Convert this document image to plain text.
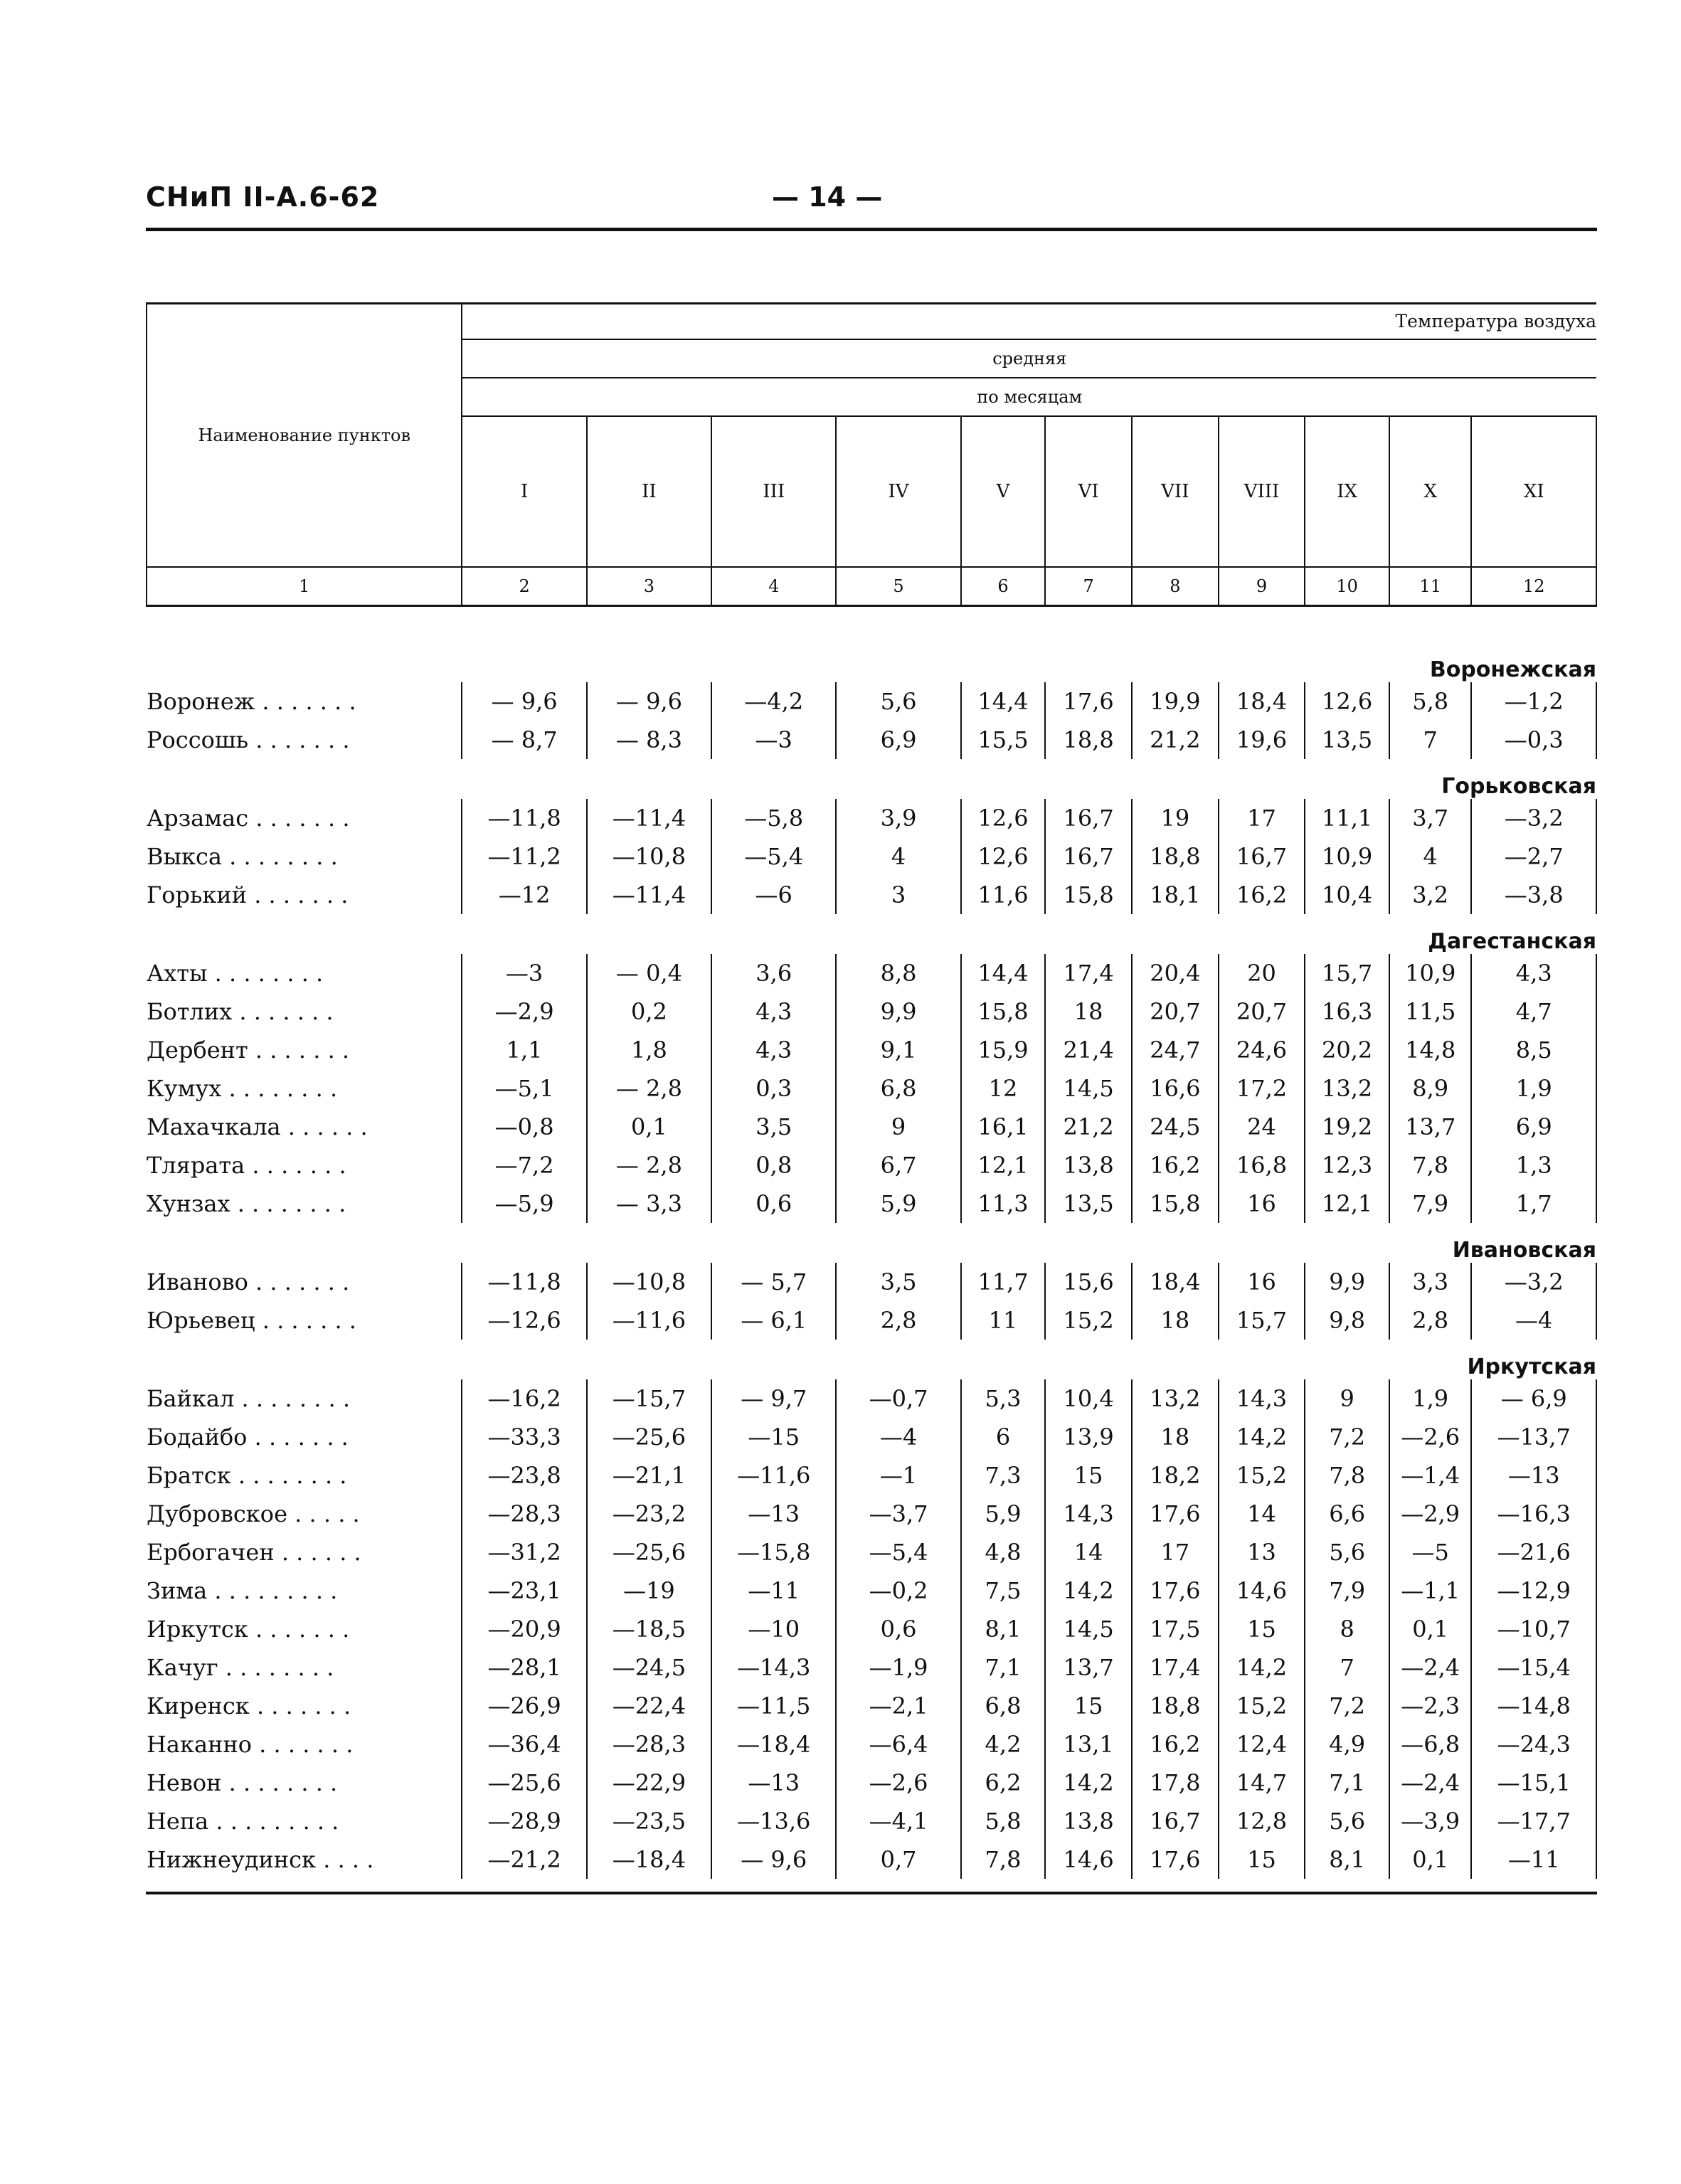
СНиП II-А.6-62	— 14 —
Наименование пунктов	Температура воздуха										
	средняя										
	по месяцам										
	I	II	III	IV	V	VI	VII	VIII	IX	X	XI
1	2	3	4	5	6	7	8	9	10	11	12

Воронежская											
Воронеж . . . . . . .	— 9,6	— 9,6	—4,2	5,6	14,4	17,6	19,9	18,4	12,6	5,8	—1,2
Россошь . . . . . . .	— 8,7	— 8,3	—3	6,9	15,5	18,8	21,2	19,6	13,5	7	—0,3
Горьковская											
Арзамас . . . . . . .	—11,8	—11,4	—5,8	3,9	12,6	16,7	19	17	11,1	3,7	—3,2
Выкса . . . . . . . .	—11,2	—10,8	—5,4	4	12,6	16,7	18,8	16,7	10,9	4	—2,7
Горький . . . . . . .	—12	—11,4	—6	3	11,6	15,8	18,1	16,2	10,4	3,2	—3,8
Дагестанская											
Ахты . . . . . . . .	—3	— 0,4	3,6	8,8	14,4	17,4	20,4	20	15,7	10,9	4,3
Ботлих . . . . . . .	—2,9	0,2	4,3	9,9	15,8	18	20,7	20,7	16,3	11,5	4,7
Дербент . . . . . . .	1,1	1,8	4,3	9,1	15,9	21,4	24,7	24,6	20,2	14,8	8,5
Кумух . . . . . . . .	—5,1	— 2,8	0,3	6,8	12	14,5	16,6	17,2	13,2	8,9	1,9
Махачкала . . . . . .	—0,8	0,1	3,5	9	16,1	21,2	24,5	24	19,2	13,7	6,9
Тлярата . . . . . . .	—7,2	— 2,8	0,8	6,7	12,1	13,8	16,2	16,8	12,3	7,8	1,3
Хунзах . . . . . . . .	—5,9	— 3,3	0,6	5,9	11,3	13,5	15,8	16	12,1	7,9	1,7
Ивановская											
Иваново . . . . . . .	—11,8	—10,8	— 5,7	3,5	11,7	15,6	18,4	16	9,9	3,3	—3,2
Юрьевец . . . . . . .	—12,6	—11,6	— 6,1	2,8	11	15,2	18	15,7	9,8	2,8	—4
Иркутская											
Байкал . . . . . . . .	—16,2	—15,7	— 9,7	—0,7	5,3	10,4	13,2	14,3	9	1,9	— 6,9
Бодайбо . . . . . . .	—33,3	—25,6	—15	—4	6	13,9	18	14,2	7,2	—2,6	—13,7
Братск . . . . . . . .	—23,8	—21,1	—11,6	—1	7,3	15	18,2	15,2	7,8	—1,4	—13
Дубровское . . . . .	—28,3	—23,2	—13	—3,7	5,9	14,3	17,6	14	6,6	—2,9	—16,3
Ербогачен . . . . . .	—31,2	—25,6	—15,8	—5,4	4,8	14	17	13	5,6	—5	—21,6
Зима . . . . . . . . .	—23,1	—19	—11	—0,2	7,5	14,2	17,6	14,6	7,9	—1,1	—12,9
Иркутск . . . . . . .	—20,9	—18,5	—10	0,6	8,1	14,5	17,5	15	8	0,1	—10,7
Качуг . . . . . . . .	—28,1	—24,5	—14,3	—1,9	7,1	13,7	17,4	14,2	7	—2,4	—15,4
Киренск . . . . . . .	—26,9	—22,4	—11,5	—2,1	6,8	15	18,8	15,2	7,2	—2,3	—14,8
Наканно . . . . . . .	—36,4	—28,3	—18,4	—6,4	4,2	13,1	16,2	12,4	4,9	—6,8	—24,3
Невон . . . . . . . .	—25,6	—22,9	—13	—2,6	6,2	14,2	17,8	14,7	7,1	—2,4	—15,1
Непа . . . . . . . . .	—28,9	—23,5	—13,6	—4,1	5,8	13,8	16,7	12,8	5,6	—3,9	—17,7
Нижнеудинск . . . .	—21,2	—18,4	— 9,6	0,7	7,8	14,6	17,6	15	8,1	0,1	—11
